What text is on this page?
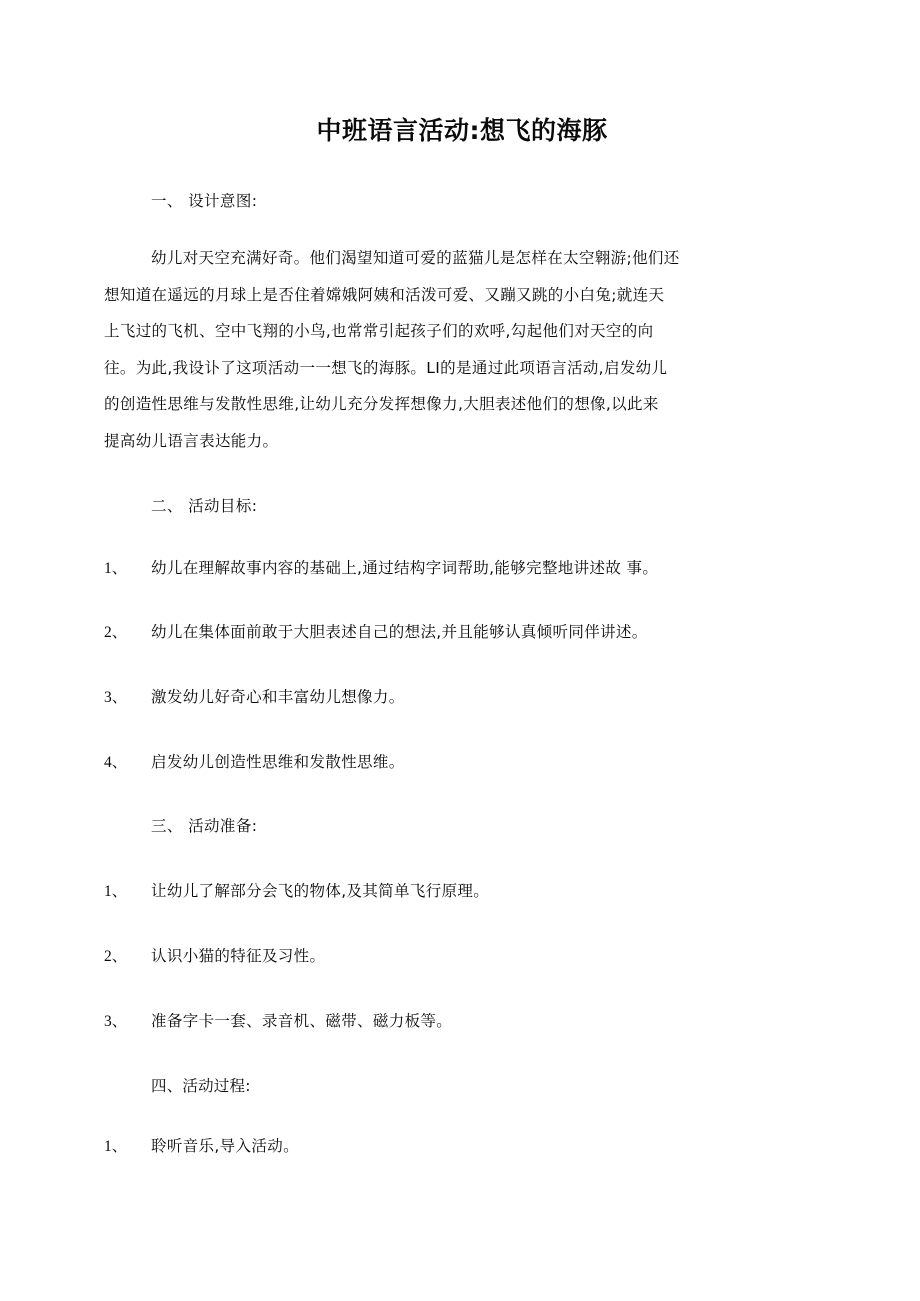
中班语言活动:想飞的海豚
一、 设计意图:
幼儿对天空充满好奇。他们渴望知道可爱的蓝猫儿是怎样在太空翱游;他们还
想知道在遥远的月球上是否住着嫦娥阿姨和活泼可爱、又蹦又跳的小白兔;就连天
上飞过的飞机、空中飞翔的小鸟,也常常引起孩子们的欢呼,勾起他们对天空的向
往。为此,我设讣了这项活动一一想飞的海豚。LI的是通过此项语言活动,启发幼儿
的创造性思维与发散性思维,让幼儿充分发挥想像力,大胆表述他们的想像,以此来
提高幼儿语言表达能力。
二、 活动目标:
1、 幼儿在理解故事内容的基础上,通过结构字词帮助,能够完整地讲述故 事。
2、 幼儿在集体面前敢于大胆表述自己的想法,并且能够认真倾听同伴讲述。
3、 激发幼儿好奇心和丰富幼儿想像力。
4、 启发幼儿创造性思维和发散性思维。
三、 活动准备:
1、 让幼儿了解部分会飞的物体,及其简单飞行原理。
2、 认识小猫的特征及习性。
3、 准备字卡一套、录音机、磁带、磁力板等。
四、活动过程:
1、 聆听音乐,导入活动。
